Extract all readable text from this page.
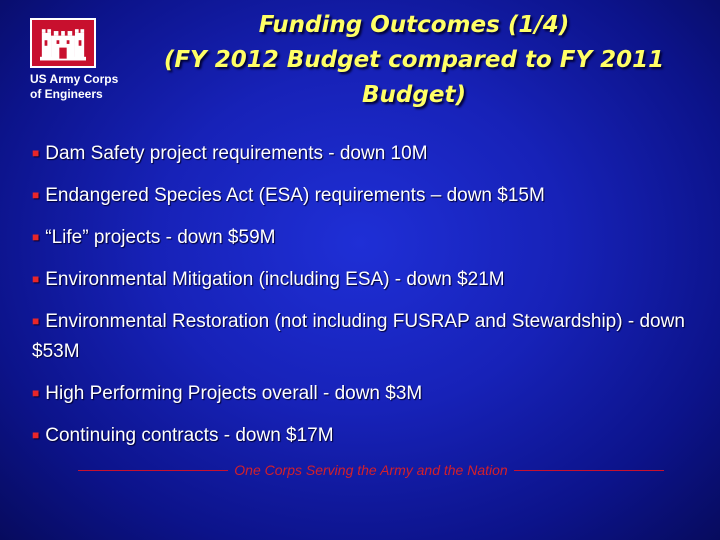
US Army Corps
of Engineers
Funding Outcomes (1/4)
(FY 2012 Budget compared to FY 2011
Budget)
■ Dam Safety project requirements - down 10M
■ Endangered Species Act (ESA) requirements – down $15M
■ “Life” projects - down $59M
■ Environmental Mitigation (including ESA) - down $21M
■ Environmental Restoration (not including FUSRAP and Stewardship) - down $53M
■ High Performing Projects overall - down $3M
■ Continuing contracts - down $17M
One Corps Serving the Army and the Nation
